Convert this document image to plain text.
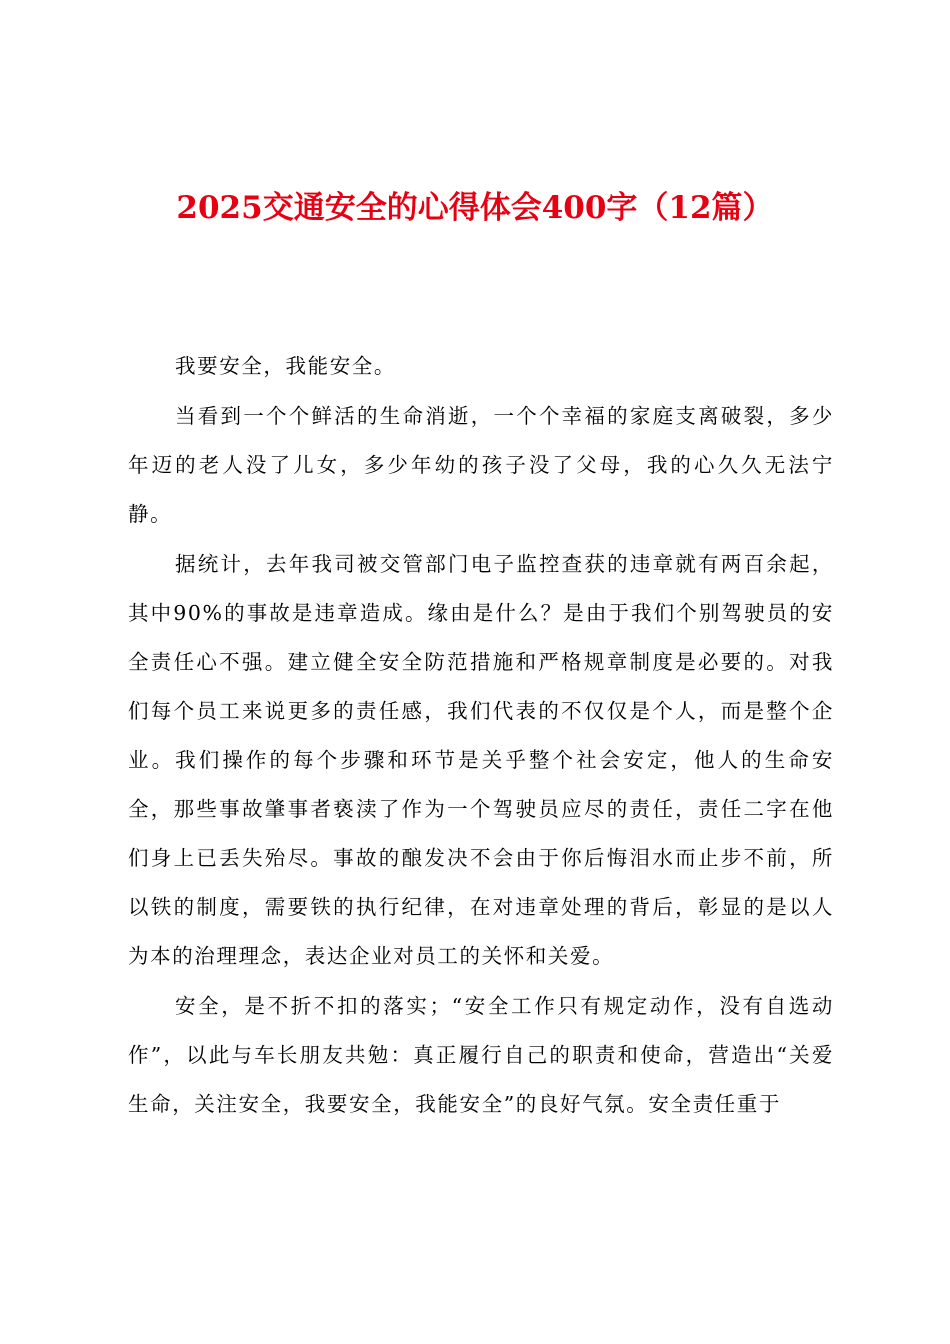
2025交通安全的心得体会400字（12篇）

我要安全，我能安全。

当看到一个个鲜活的生命消逝，一个个幸福的家庭支离破裂，多少年迈的老人没了儿女，多少年幼的孩子没了父母，我的心久久无法宁静。

据统计，去年我司被交管部门电子监控查获的违章就有两百余起，其中90%的事故是违章造成。缘由是什么？是由于我们个别驾驶员的安全责任心不强。建立健全安全防范措施和严格规章制度是必要的。对我们每个员工来说更多的责任感，我们代表的不仅仅是个人，而是整个企业。我们操作的每个步骤和环节是关乎整个社会安定，他人的生命安全，那些事故肇事者亵渎了作为一个驾驶员应尽的责任，责任二字在他们身上已丢失殆尽。事故的酿发决不会由于你后悔泪水而止步不前，所以铁的制度，需要铁的执行纪律，在对违章处理的背后，彰显的是以人为本的治理理念，表达企业对员工的关怀和关爱。

安全，是不折不扣的落实；“安全工作只有规定动作，没有自选动作”，以此与车长朋友共勉：真正履行自己的职责和使命，营造出“关爱生命，关注安全，我要安全，我能安全”的良好气氛。安全责任重于
